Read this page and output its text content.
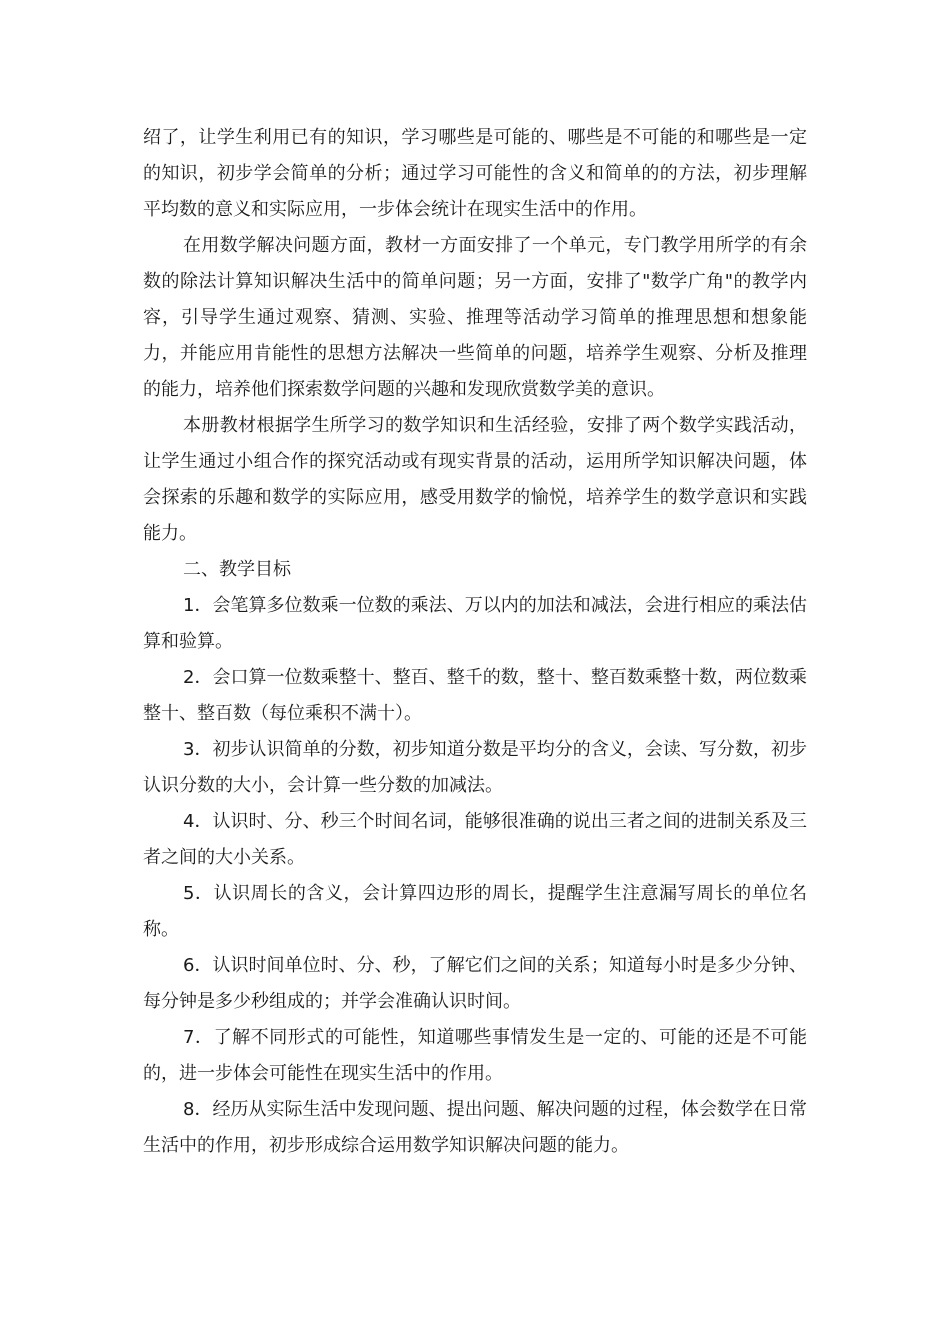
绍了，让学生利用已有的知识，学习哪些是可能的、哪些是不可能的和哪些是一定的知识，初步学会简单的分析；通过学习可能性的含义和简单的的方法，初步理解平均数的意义和实际应用，一步体会统计在现实生活中的作用。

在用数学解决问题方面，教材一方面安排了一个单元，专门教学用所学的有余数的除法计算知识解决生活中的简单问题；另一方面，安排了"数学广角"的教学内容，引导学生通过观察、猜测、实验、推理等活动学习简单的推理思想和想象能力，并能应用肯能性的思想方法解决一些简单的问题，培养学生观察、分析及推理的能力，培养他们探索数学问题的兴趣和发现欣赏数学美的意识。

本册教材根据学生所学习的数学知识和生活经验，安排了两个数学实践活动，让学生通过小组合作的探究活动或有现实背景的活动，运用所学知识解决问题，体会探索的乐趣和数学的实际应用，感受用数学的愉悦，培养学生的数学意识和实践能力。

二、教学目标

1．会笔算多位数乘一位数的乘法、万以内的加法和减法，会进行相应的乘法估算和验算。

2．会口算一位数乘整十、整百、整千的数，整十、整百数乘整十数，两位数乘整十、整百数（每位乘积不满十）。

3．初步认识简单的分数，初步知道分数是平均分的含义，会读、写分数，初步认识分数的大小，会计算一些分数的加减法。

4．认识时、分、秒三个时间名词，能够很准确的说出三者之间的进制关系及三者之间的大小关系。

5．认识周长的含义，会计算四边形的周长，提醒学生注意漏写周长的单位名称。

6．认识时间单位时、分、秒，了解它们之间的关系；知道每小时是多少分钟、每分钟是多少秒组成的；并学会准确认识时间。

7．了解不同形式的可能性，知道哪些事情发生是一定的、可能的还是不可能的，进一步体会可能性在现实生活中的作用。

8．经历从实际生活中发现问题、提出问题、解决问题的过程，体会数学在日常生活中的作用，初步形成综合运用数学知识解决问题的能力。
